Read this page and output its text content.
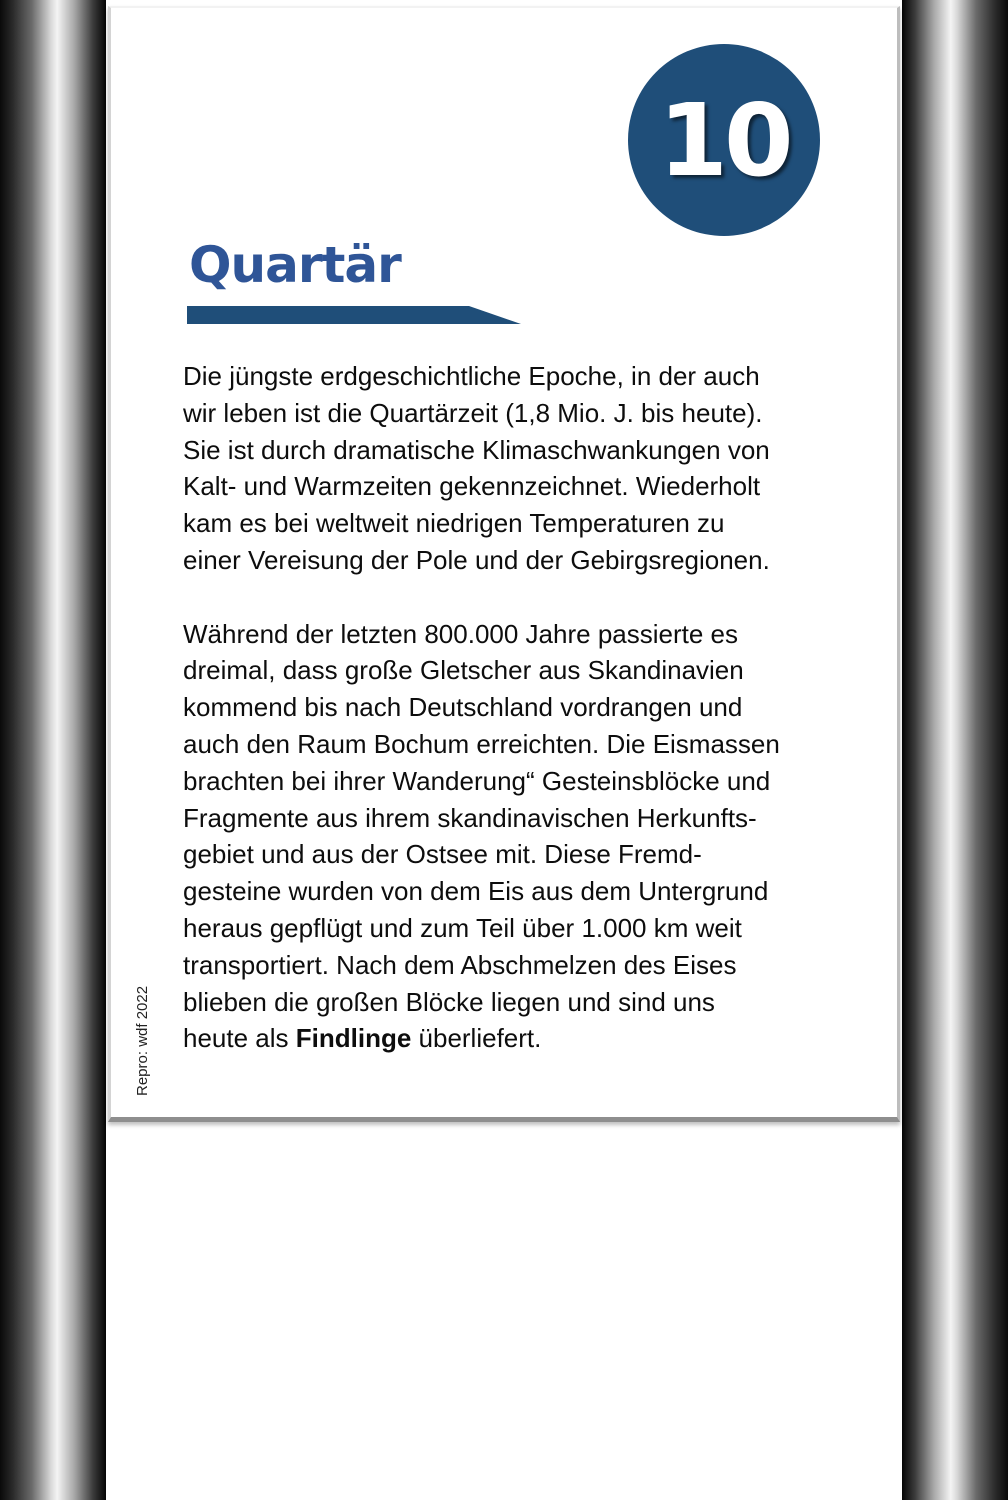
10
Quartär

Die jüngste erdgeschichtliche Epoche, in der auch
wir leben ist die Quartärzeit (1,8 Mio. J. bis heute).
Sie ist durch dramatische Klimaschwankungen von
Kalt- und Warmzeiten gekennzeichnet. Wiederholt
kam es bei weltweit niedrigen Temperaturen zu
einer Vereisung der Pole und der Gebirgsregionen.

Während der letzten 800.000 Jahre passierte es
dreimal, dass große Gletscher aus Skandinavien
kommend bis nach Deutschland vordrangen und
auch den Raum Bochum erreichten. Die Eismassen
brachten bei ihrer Wanderung“ Gesteinsblöcke und
Fragmente aus ihrem skandinavischen Herkunfts-
gebiet und aus der Ostsee mit. Diese Fremd-
gesteine wurden von dem Eis aus dem Untergrund
heraus gepflügt und zum Teil über 1.000 km weit
transportiert. Nach dem Abschmelzen des Eises
blieben die großen Blöcke liegen und sind uns
heute als Findlinge überliefert.

Repro: wdf 2022
